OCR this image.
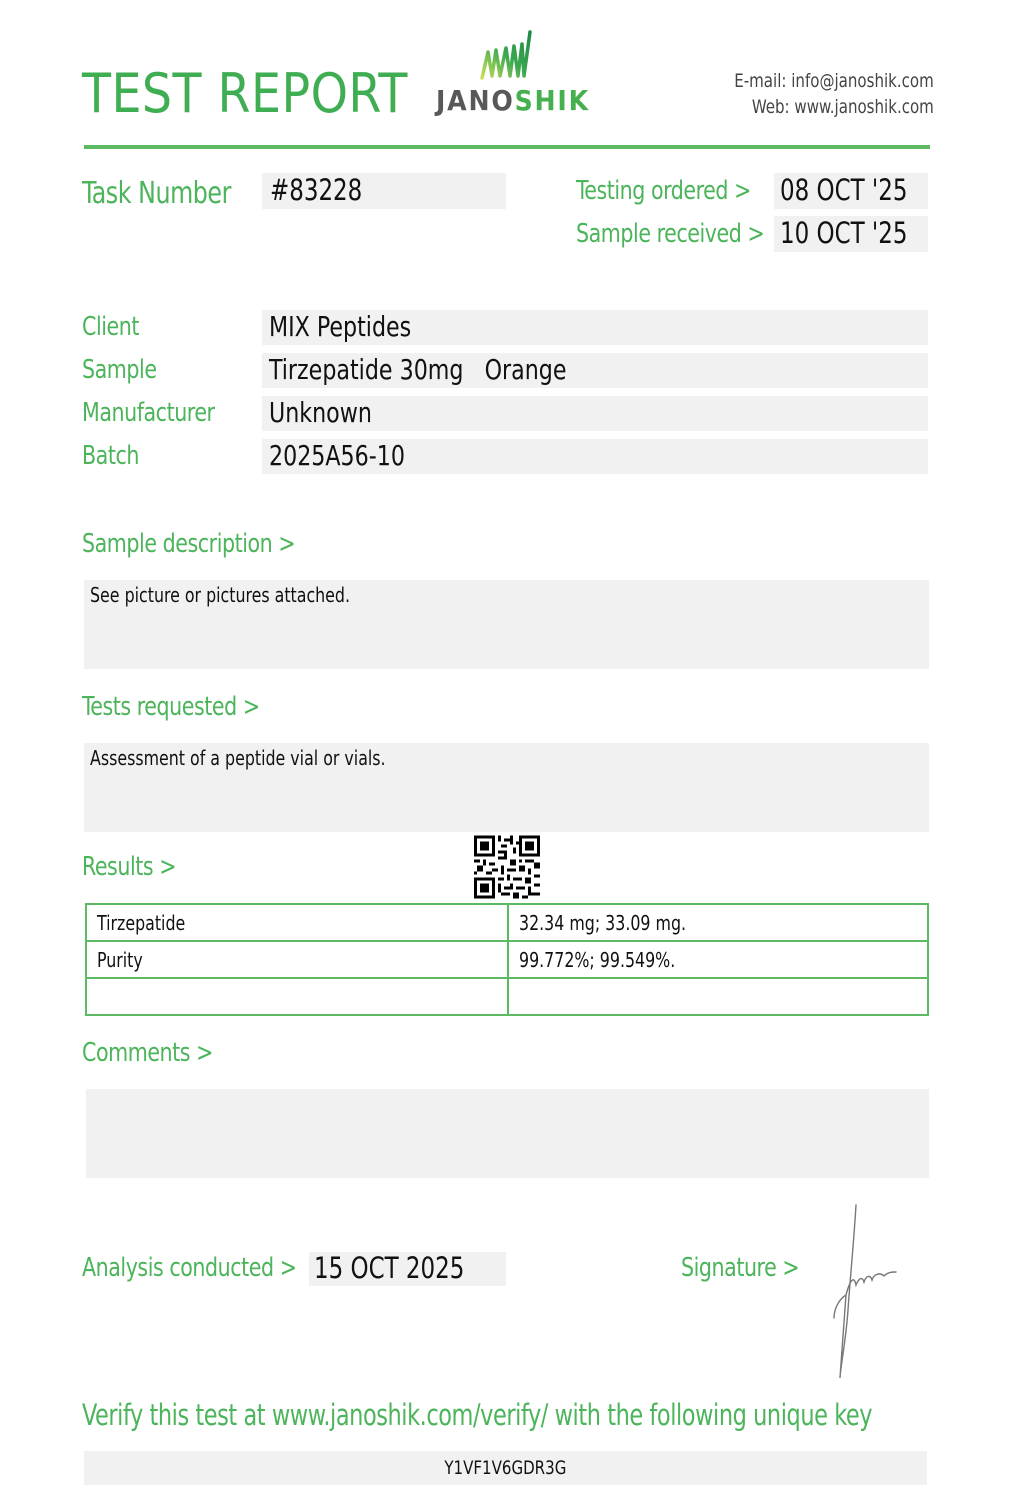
TEST REPORT JANOSHIK
E-mail: info@janoshik.com
Web: www.janoshik.com
Task Number	#83228	Testing ordered >	08 OCT '25
Sample received > 10 OCT '25
Client	MIX Peptides
Sample	Tirzepatide 30mg   Orange
Manufacturer	Unknown
Batch	2025A56-10
Sample description >
See picture or pictures attached.
Tests requested >
Assessment of a peptide vial or vials.
Results >
Tirzepatide	32.34 mg; 33.09 mg.
Purity	99.772%; 99.549%.

Comments >
Analysis conducted > 15 OCT 2025	Signature >
Verify this test at www.janoshik.com/verify/ with the following unique key
Y1VF1V6GDR3G
